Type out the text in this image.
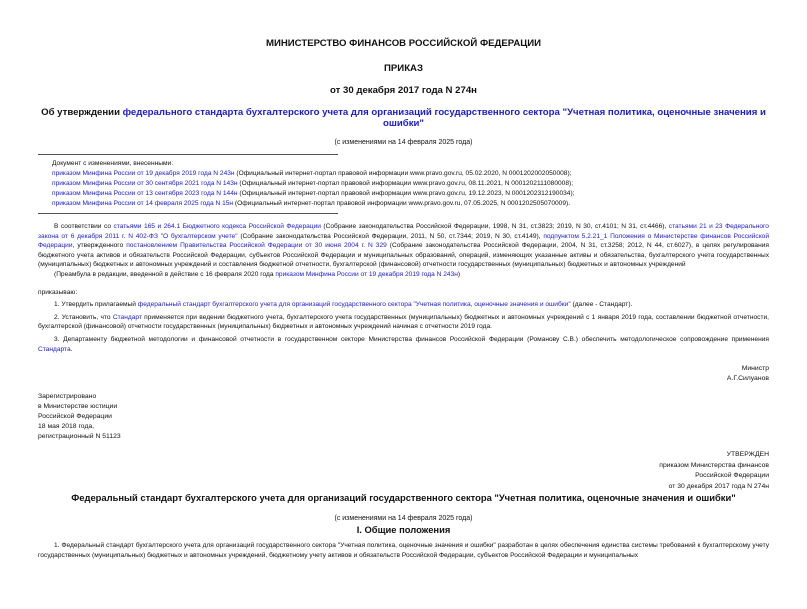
МИНИСТЕРСТВО ФИНАНСОВ РОССИЙСКОЙ ФЕДЕРАЦИИ
ПРИКАЗ
от 30 декабря 2017 года N 274н
Об утверждении федерального стандарта бухгалтерского учета для организаций государственного сектора "Учетная политика, оценочные значения и ошибки"
(с изменениями на 14 февраля 2025 года)
Документ с изменениями, внесенными:
приказом Минфина России от 19 декабря 2019 года N 243н (Официальный интернет-портал правовой информации www.pravo.gov.ru, 05.02.2020, N 0001202002050008);
приказом Минфина России от 30 сентября 2021 года N 143н (Официальный интернет-портал правовой информации www.pravo.gov.ru, 08.11.2021, N 0001202111080008);
приказом Минфина России от 13 сентября 2023 года N 144н (Официальный интернет-портал правовой информации www.pravo.gov.ru, 19.12.2023, N 0001202312190034);
приказом Минфина России от 14 февраля 2025 года N 15н (Официальный интернет-портал правовой информации www.pravo.gov.ru, 07.05.2025, N 0001202505070009).
В соответствии со статьями 165 и 264.1 Бюджетного кодекса Российской Федерации (Собрание законодательства Российской Федерации, 1998, N 31, ст.3823; 2019, N 30, ст.4101; N 31, ст.4466), статьями 21 и 23 Федерального закона от 6 декабря 2011 г. N 402-ФЗ "О бухгалтерском учете" (Собрание законодательства Российской Федерации, 2011, N 50, ст.7344; 2019, N 30, ст.4149), подпунктом 5.2.21_1 Положения о Министерстве финансов Российской Федерации, утвержденного постановлением Правительства Российской Федерации от 30 июня 2004 г. N 329 (Собрание законодательства Российской Федерации, 2004, N 31, ст.3258; 2012, N 44, ст.6027), в целях регулирования бюджетного учета активов и обязательств Российской Федерации, субъектов Российской Федерации и муниципальных образований, операций, изменяющих указанные активы и обязательства, бухгалтерского учета государственных (муниципальных) бюджетных и автономных учреждений и составления бюджетной отчетности, бухгалтерской (финансовой) отчетности государственных (муниципальных) бюджетных и автономных учреждений
(Преамбула в редакции, введенной в действие с 16 февраля 2020 года приказом Минфина России от 19 декабря 2019 года N 243н)
приказываю:
1. Утвердить прилагаемый федеральный стандарт бухгалтерского учета для организаций государственного сектора "Учетная политика, оценочные значения и ошибки" (далее - Стандарт).
2. Установить, что Стандарт применяется при ведении бюджетного учета, бухгалтерского учета государственных (муниципальных) бюджетных и автономных учреждений с 1 января 2019 года, составлении бюджетной отчетности, бухгалтерской (финансовой) отчетности государственных (муниципальных) бюджетных и автономных учреждений начиная с отчетности 2019 года.
3. Департаменту бюджетной методологии и финансовой отчетности в государственном секторе Министерства финансов Российской Федерации (Романову С.В.) обеспечить методологическое сопровождение применения Стандарта.
Министр
А.Г.Силуанов
Зарегистрировано
в Министерстве юстиции
Российской Федерации
18 мая 2018 года,
регистрационный N 51123
УТВЕРЖДЕН
приказом Министерства финансов
Российской Федерации
от 30 декабря 2017 года N 274н
Федеральный стандарт бухгалтерского учета для организаций государственного сектора "Учетная политика, оценочные значения и ошибки"
(с изменениями на 14 февраля 2025 года)
I. Общие положения
1. Федеральный стандарт бухгалтерского учета для организаций государственного сектора "Учетная политика, оценочные значения и ошибки" разработан в целях обеспечения единства системы требований к бухгалтерскому учету государственных (муниципальных) бюджетных и автономных учреждений, бюджетному учету активов и обязательств Российской Федерации, субъектов Российской Федерации и муниципальных
